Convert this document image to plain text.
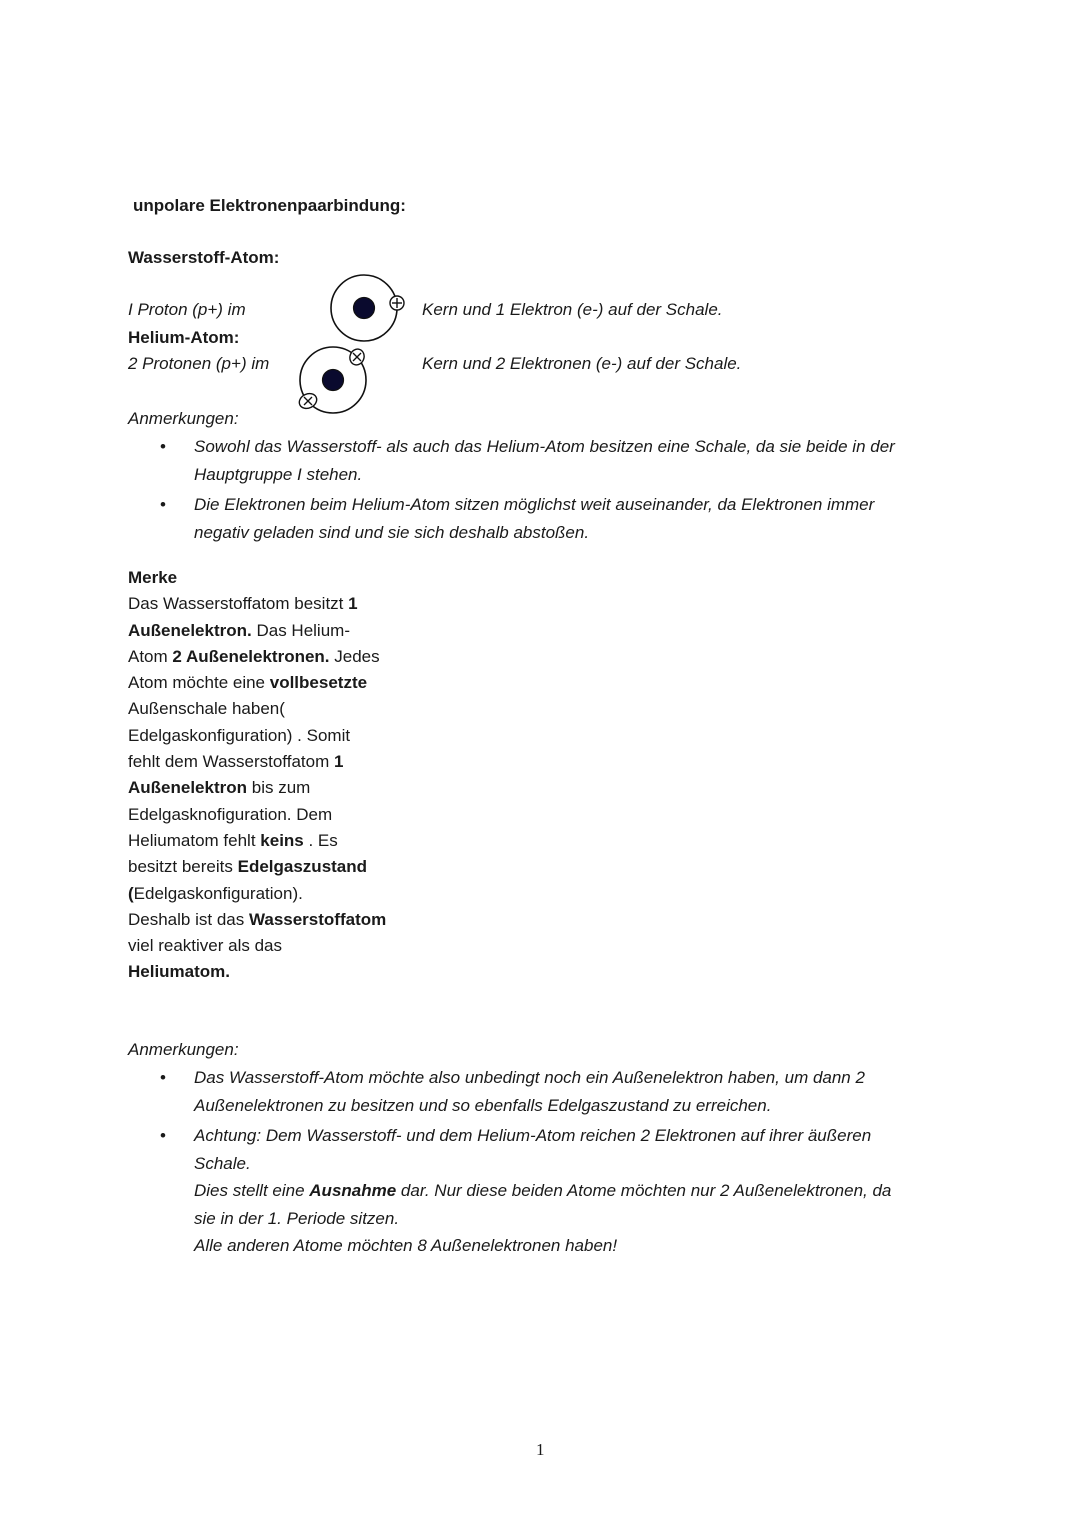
unpolare Elektronenpaarbindung:
Wasserstoff-Atom:
I Proton (p+) im	Kern und 1 Elektron (e-) auf der Schale.
Helium-Atom:
2 Protonen (p+) im	Kern und 2 Elektronen (e-) auf der Schale.
Anmerkungen:
• Sowohl das Wasserstoff- als auch das Helium-Atom besitzen eine Schale, da sie beide in der
Hauptgruppe I stehen.
• Die Elektronen beim Helium-Atom sitzen möglichst weit auseinander, da Elektronen immer
negativ geladen sind und sie sich deshalb abstoßen.
Merke
Das Wasserstoffatom besitzt 1
Außenelektron. Das Helium-
Atom 2 Außenelektronen. Jedes
Atom möchte eine vollbesetzte
Außenschale haben(
Edelgaskonfiguration) . Somit
fehlt dem Wasserstoffatom 1
Außenelektron bis zum
Edelgasknofiguration. Dem
Heliumatom fehlt keins . Es
besitzt bereits Edelgaszustand
(Edelgaskonfiguration).
Deshalb ist das Wasserstoffatom
viel reaktiver als das
Heliumatom.
Anmerkungen:
• Das Wasserstoff-Atom möchte also unbedingt noch ein Außenelektron haben, um dann 2
Außenelektronen zu besitzen und so ebenfalls Edelgaszustand zu erreichen.
• Achtung: Dem Wasserstoff- und dem Helium-Atom reichen 2 Elektronen auf ihrer äußeren
Schale.
Dies stellt eine Ausnahme dar. Nur diese beiden Atome möchten nur 2 Außenelektronen, da
sie in der 1. Periode sitzen.
Alle anderen Atome möchten 8 Außenelektronen haben!
1
